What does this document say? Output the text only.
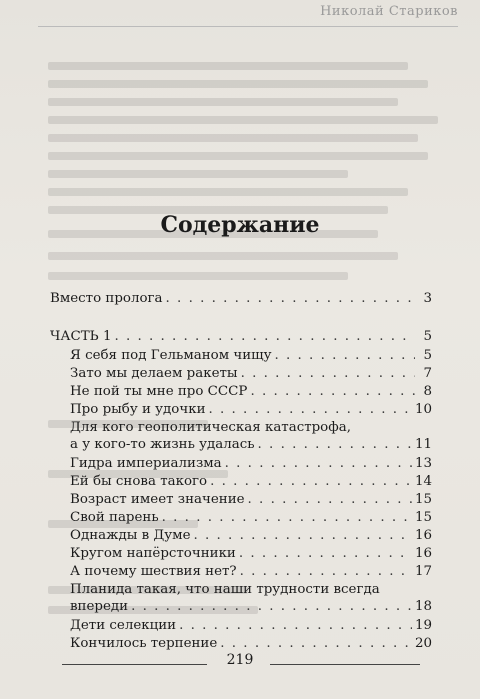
Николай Стариков
Содержание
Вместо пролога . . .	3
ЧАСТЬ 1 . . .	5
Я себя под Гельманом чищу . . .	5
Зато мы делаем ракеты . . .	7
Не пой ты мне про СССР . . .	8
Про рыбу и удочки . . .	10
Для кого геополитическая катастрофа,
а у кого-то жизнь удалась . . .	11
Гидра империализма . . .	13
Ей бы снова такого . . .	14
Возраст имеет значение . . .	15
Свой парень . . .	15
Однажды в Думе . . .	16
Кругом напёрсточники . . .	16
А почему шествия нет? . . .	17
Планида такая, что наши трудности всегда
впереди . . .	18
Дети селекции . . .	19
Кончилось терпение . . .	20
219
